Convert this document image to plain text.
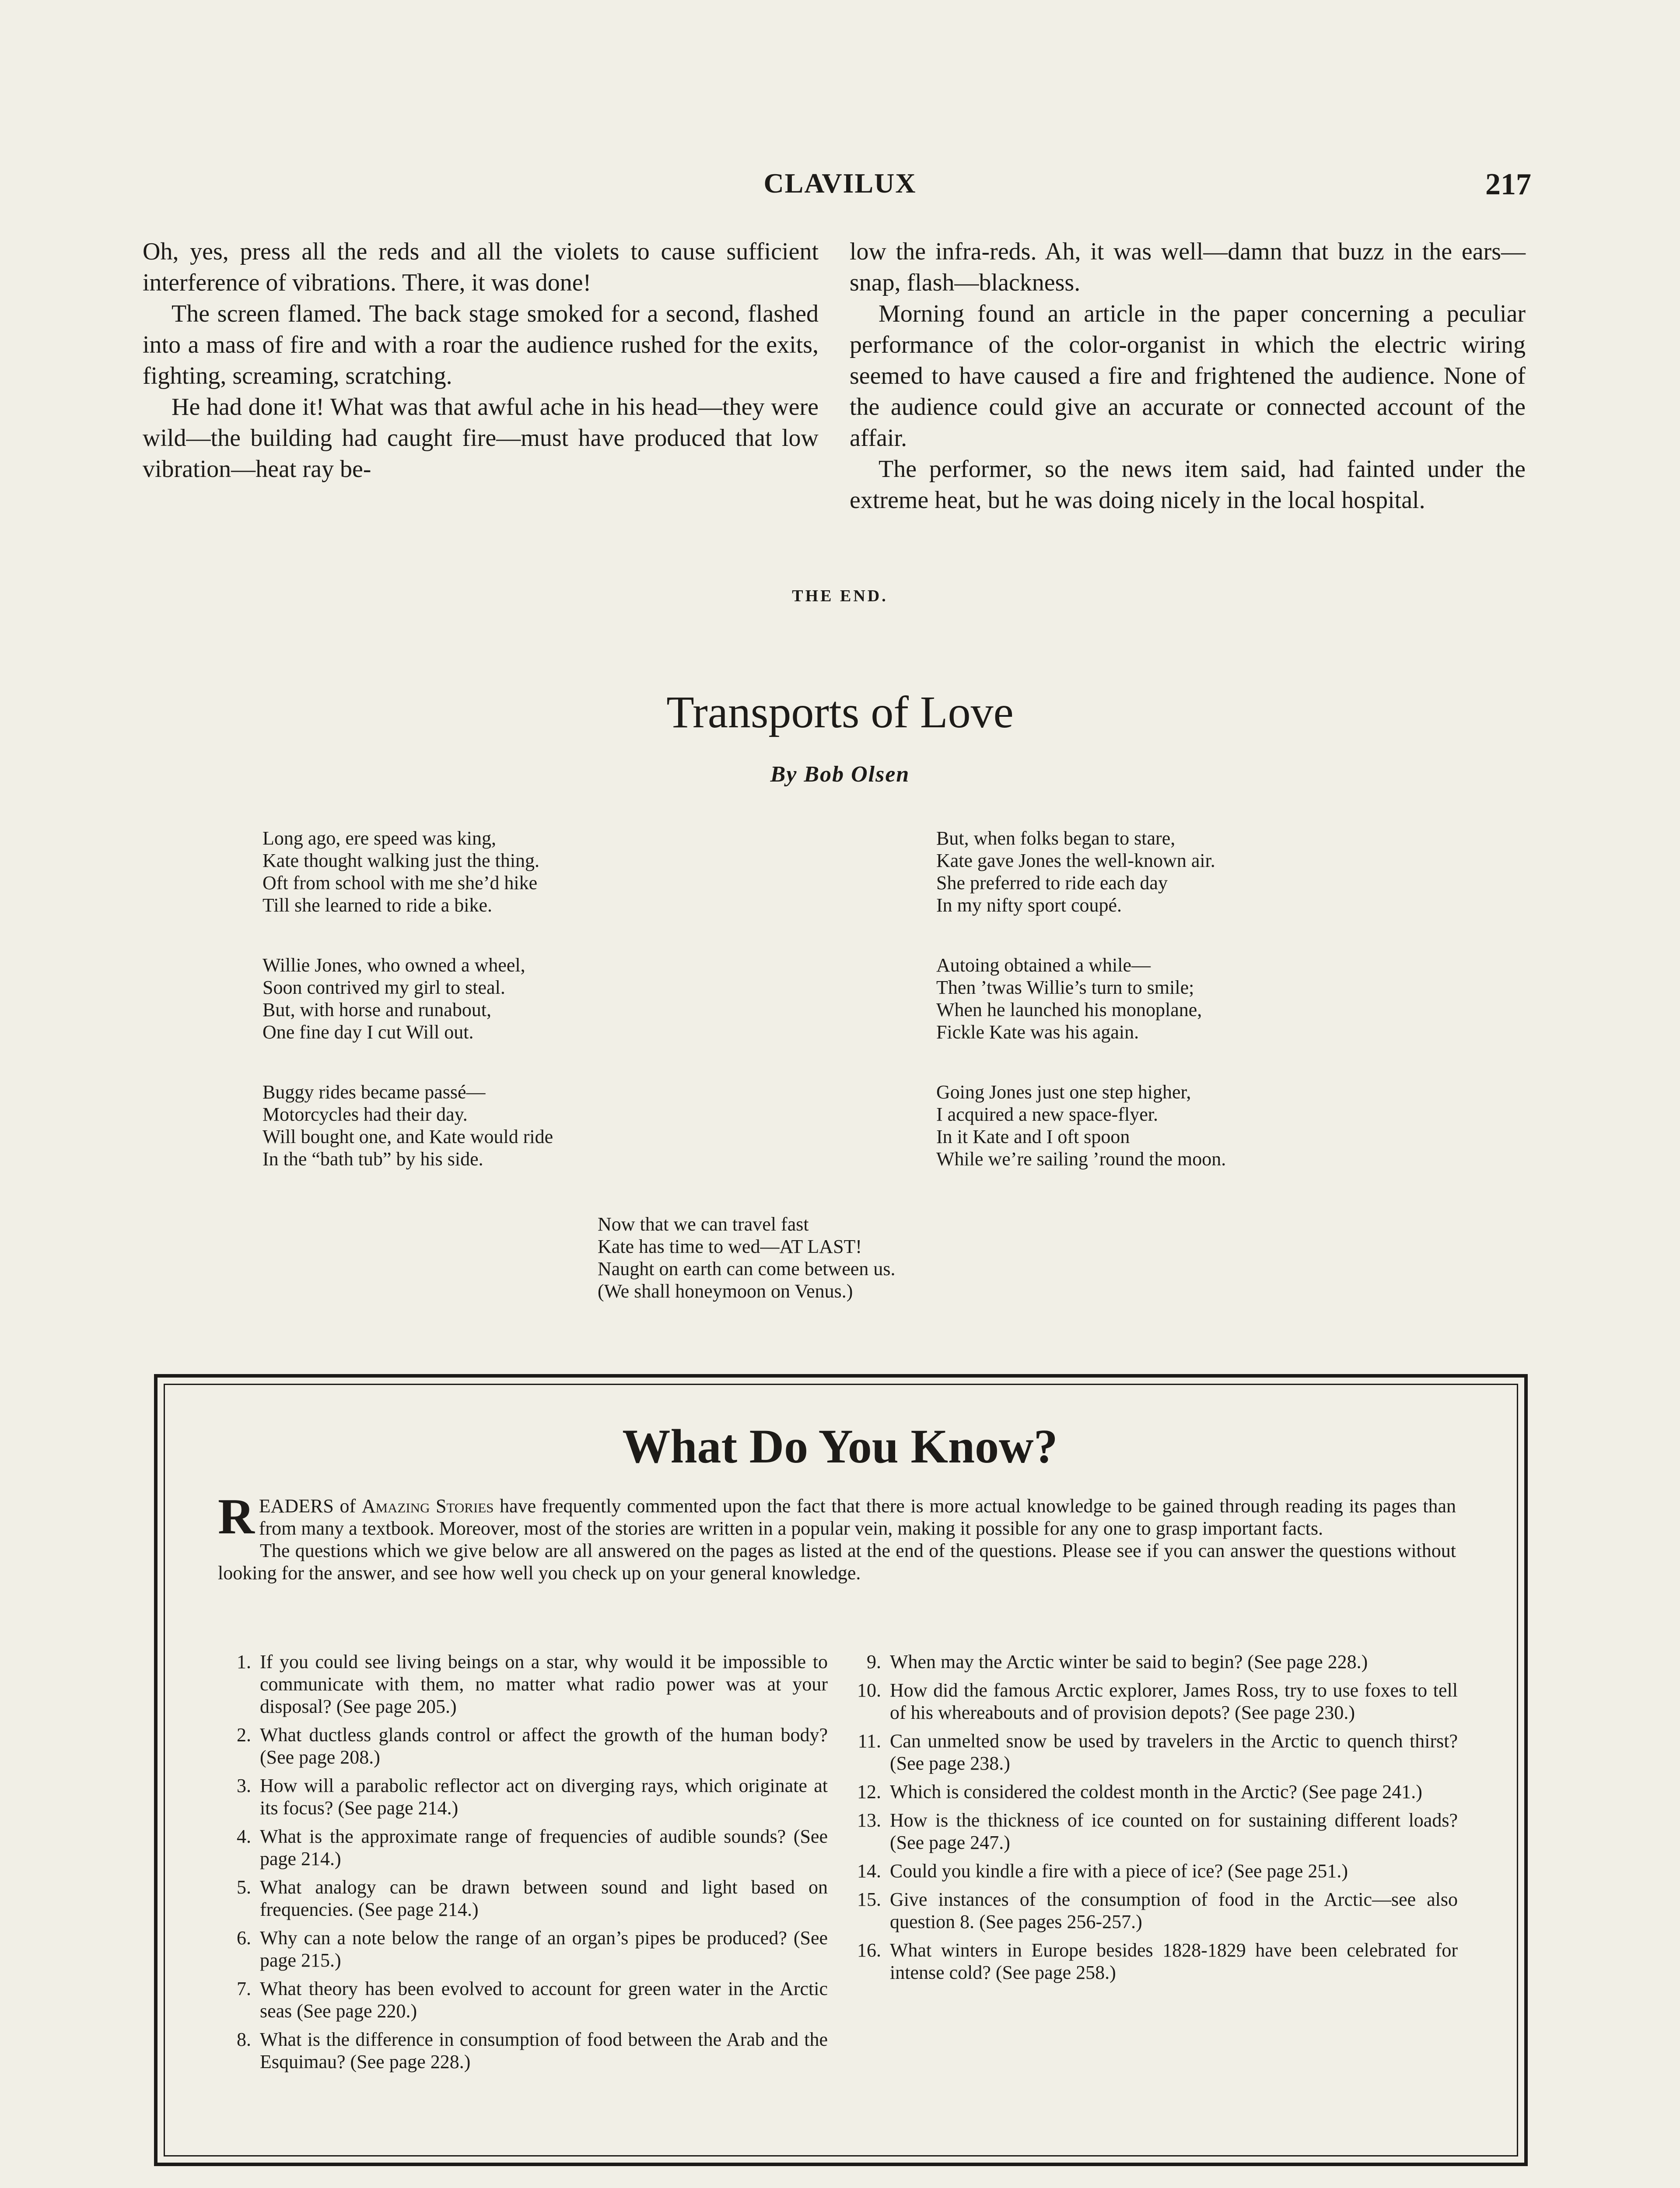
CLAVILUX	217

Oh, yes, press all the reds and all the violets to cause sufficient interference of vibrations. There, it was done!

The screen flamed. The back stage smoked for a second, flashed into a mass of fire and with a roar the audience rushed for the exits, fighting, screaming, scratching.

He had done it! What was that awful ache in his head—they were wild—the building had caught fire—must have produced that low vibration—heat ray be-

low the infra-reds. Ah, it was well—damn that buzz in the ears—snap, flash—blackness.

Morning found an article in the paper concerning a peculiar performance of the color-organist in which the electric wiring seemed to have caused a fire and frightened the audience. None of the audience could give an accurate or connected account of the affair.

The performer, so the news item said, had fainted under the extreme heat, but he was doing nicely in the local hospital.

THE END.
Transports of Love
By Bob Olsen
Long ago, ere speed was king,
Kate thought walking just the thing.
Oft from school with me she’d hike
Till she learned to ride a bike.
Willie Jones, who owned a wheel,
Soon contrived my girl to steal.
But, with horse and runabout,
One fine day I cut Will out.
Buggy rides became passé—
Motorcycles had their day.
Will bought one, and Kate would ride
In the “bath tub” by his side.
But, when folks began to stare,
Kate gave Jones the well-known air.
She preferred to ride each day
In my nifty sport coupé.
Autoing obtained a while—
Then ’twas Willie’s turn to smile;
When he launched his monoplane,
Fickle Kate was his again.
Going Jones just one step higher,
I acquired a new space-flyer.
In it Kate and I oft spoon
While we’re sailing ’round the moon.
Now that we can travel fast
Kate has time to wed—AT LAST!
Naught on earth can come between us.
(We shall honeymoon on Venus.)
What Do You Know?

READERS of Amazing Stories have frequently commented upon the fact that there is more actual knowledge to be gained through reading its pages than from many a textbook. Moreover, most of the stories are written in a popular vein, making it possible for any one to grasp important facts.

The questions which we give below are all answered on the pages as listed at the end of the questions. Please see if you can answer the questions without looking for the answer, and see how well you check up on your general knowledge.

1. If you could see living beings on a star, why would it be impossible to communicate with them, no matter what radio power was at your disposal? (See page 205.)
2. What ductless glands control or affect the growth of the human body? (See page 208.)
3. How will a parabolic reflector act on diverging rays, which originate at its focus? (See page 214.)
4. What is the approximate range of frequencies of audible sounds? (See page 214.)
5. What analogy can be drawn between sound and light based on frequencies. (See page 214.)
6. Why can a note below the range of an organ’s pipes be produced? (See page 215.)
7. What theory has been evolved to account for green water in the Arctic seas (See page 220.)
8. What is the difference in consumption of food between the Arab and the Esquimau? (See page 228.)
9. When may the Arctic winter be said to begin? (See page 228.)
10. How did the famous Arctic explorer, James Ross, try to use foxes to tell of his whereabouts and of provision depots? (See page 230.)
11. Can unmelted snow be used by travelers in the Arctic to quench thirst? (See page 238.)
12. Which is considered the coldest month in the Arctic? (See page 241.)
13. How is the thickness of ice counted on for sustaining different loads? (See page 247.)
14. Could you kindle a fire with a piece of ice? (See page 251.)
15. Give instances of the consumption of food in the Arctic—see also question 8. (See pages 256-257.)
16. What winters in Europe besides 1828-1829 have been celebrated for intense cold? (See page 258.)
